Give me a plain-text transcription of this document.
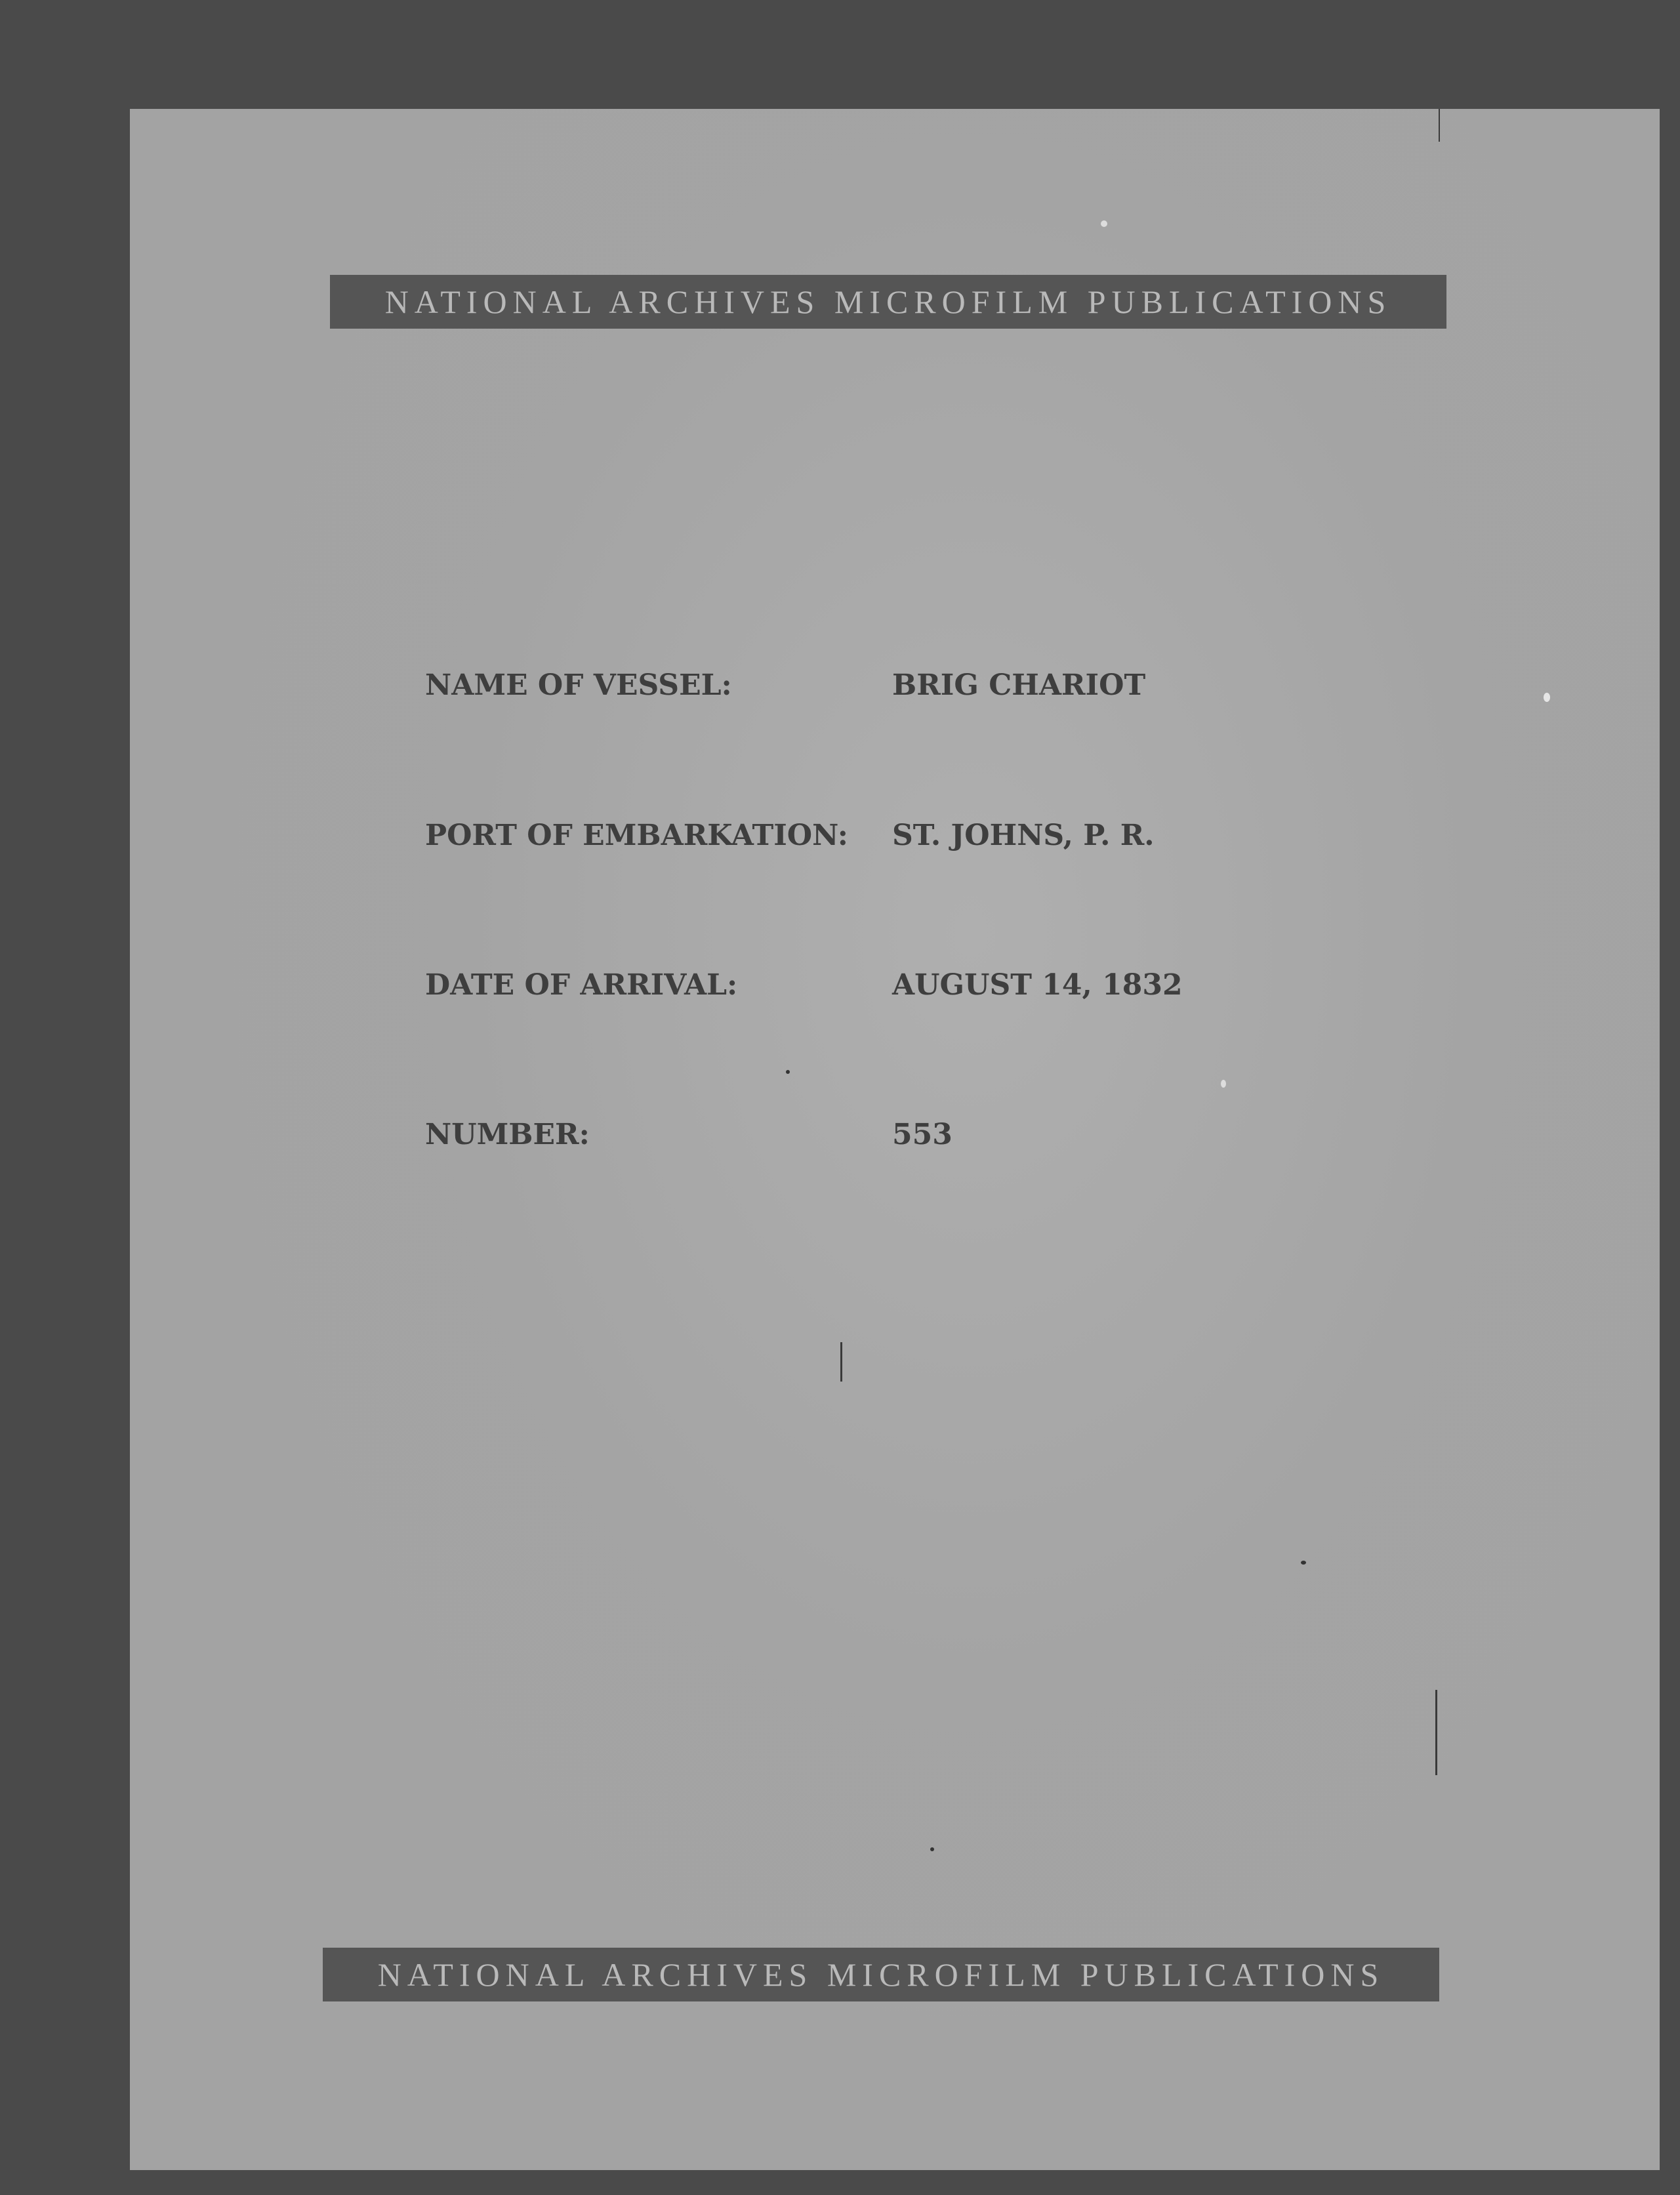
NATIONAL ARCHIVES MICROFILM PUBLICATIONS
NAME OF VESSEL:	BRIG CHARIOT
PORT OF EMBARKATION: ST. JOHNS, P. R.
DATE OF ARRIVAL:	AUGUST 14, 1832
NUMBER:	553
NATIONAL ARCHIVES MICROFILM PUBLICATIONS
